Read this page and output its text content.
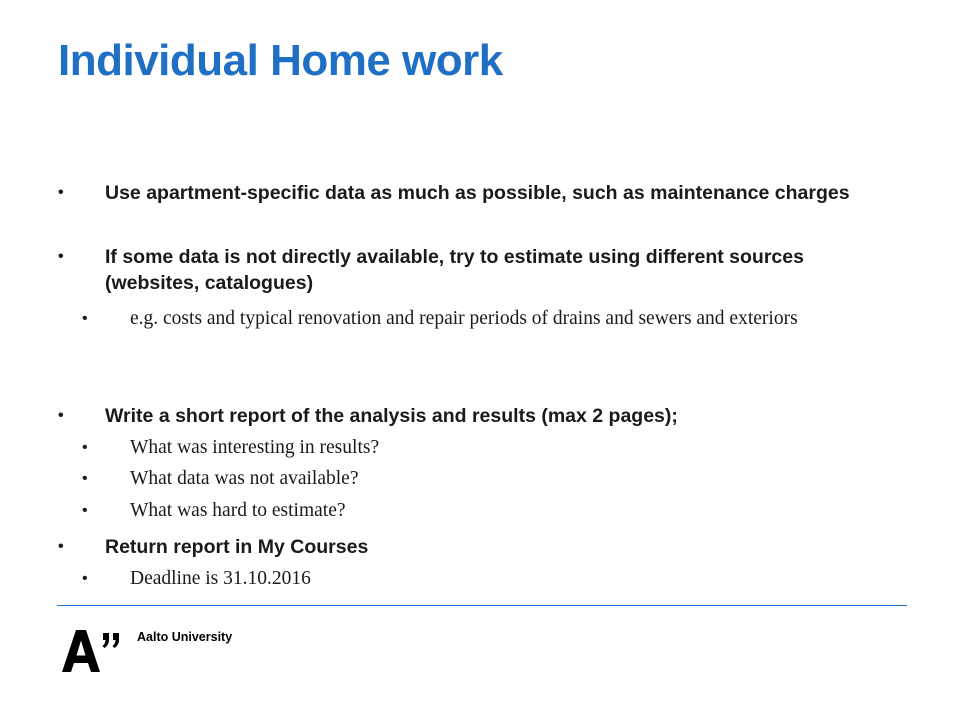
Individual Home work

• Use apartment-specific data as much as possible, such as maintenance charges

• If some data is not directly available, try to estimate using different sources (websites, catalogues)

• e.g. costs and typical renovation and repair periods of drains and sewers and exteriors

• Write a short report of the analysis and results (max 2 pages);

• What was interesting in results?

• What data was not available?

• What was hard to estimate?

• Return report in My Courses

• Deadline is 31.10.2016

Aalto University
